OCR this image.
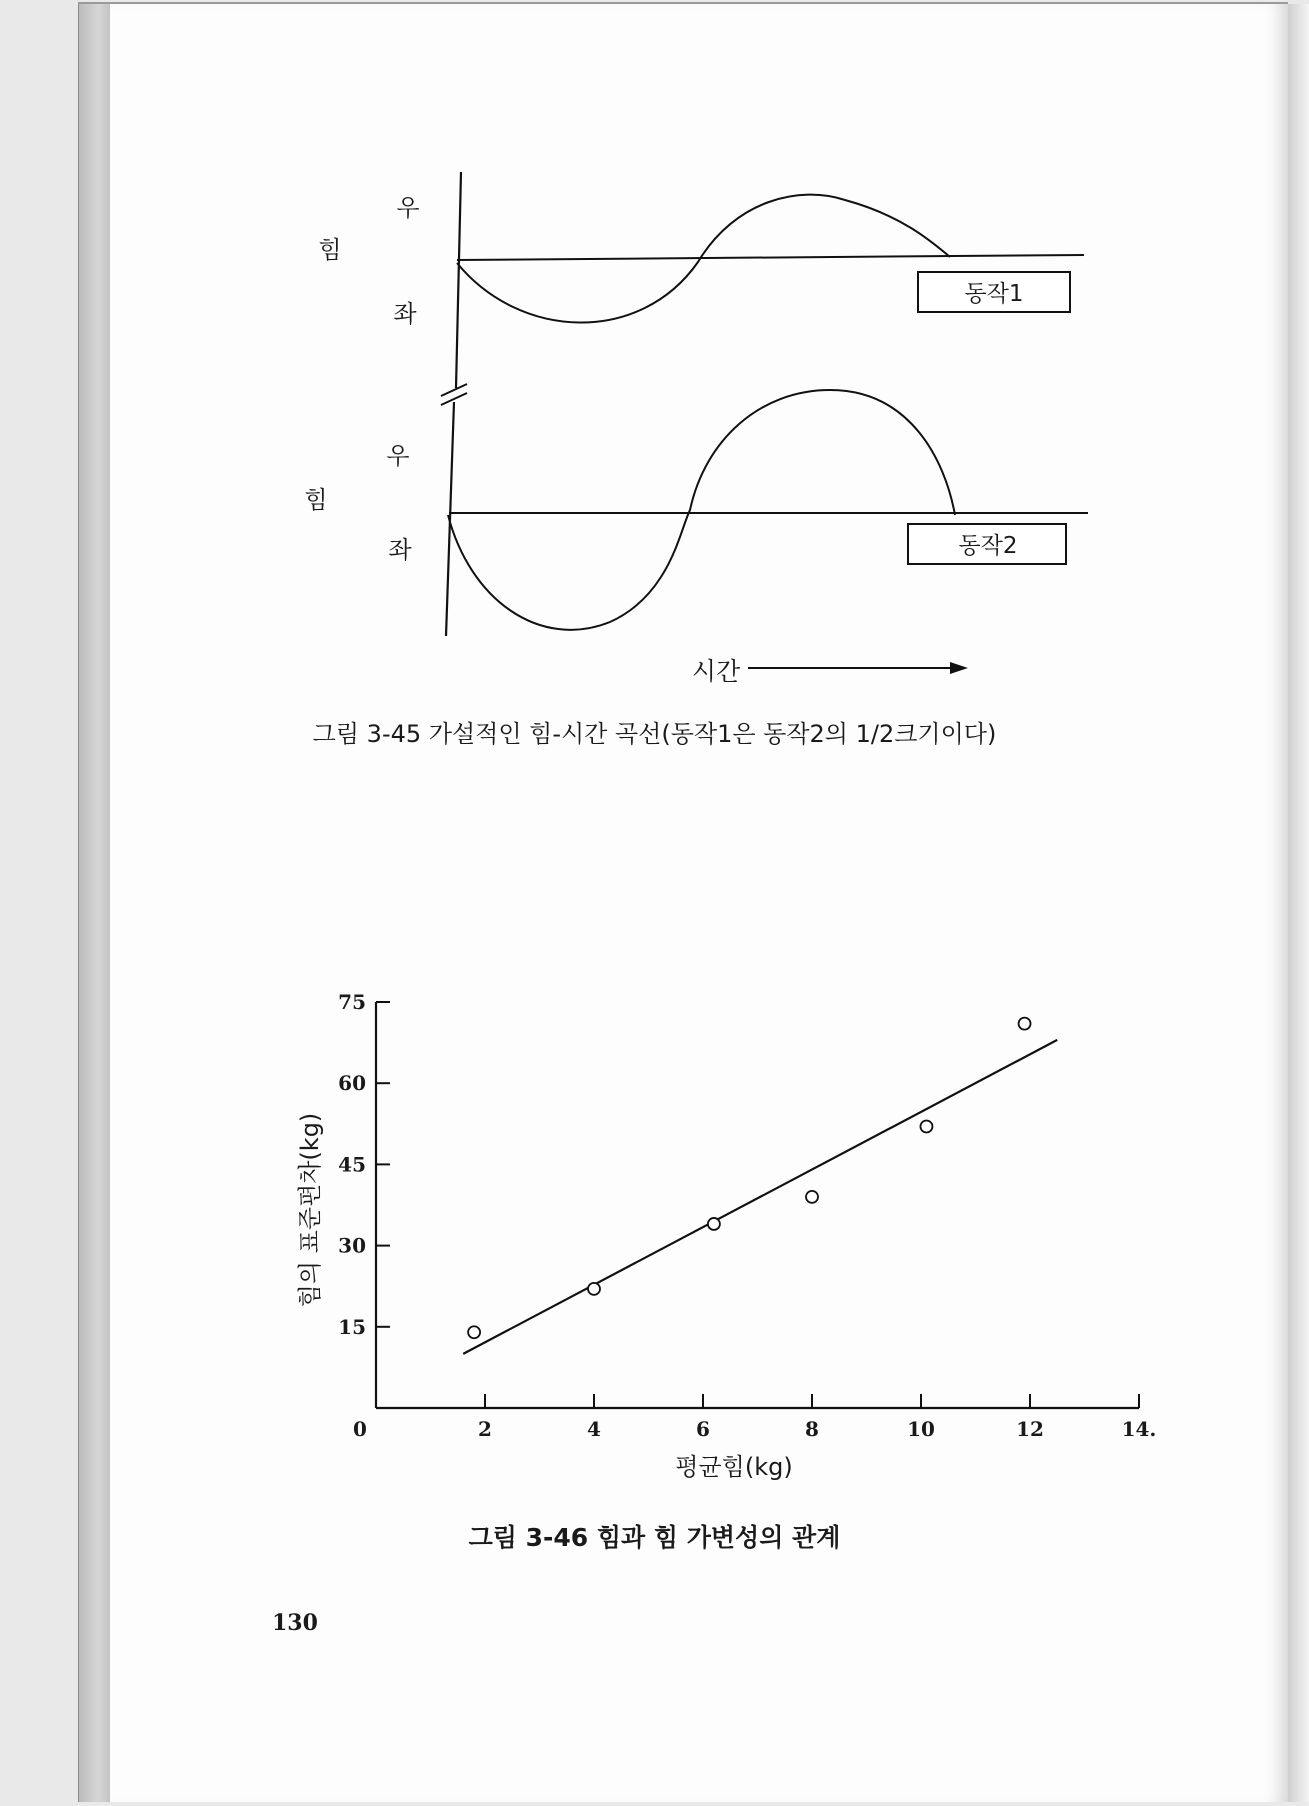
동작1
힘
우
좌
동작2
힘
우
좌
시간
그림 3-45 가설적인 힘-시간 곡선(동작1은 동작2의 1/2크기이다)
0	2	4	6	8	10	12	14.
15
30
45
60
75
평균힘(kg)
힘의 표준편차(kg)
그림 3-46 힘과 힘 가변성의 관계
130
